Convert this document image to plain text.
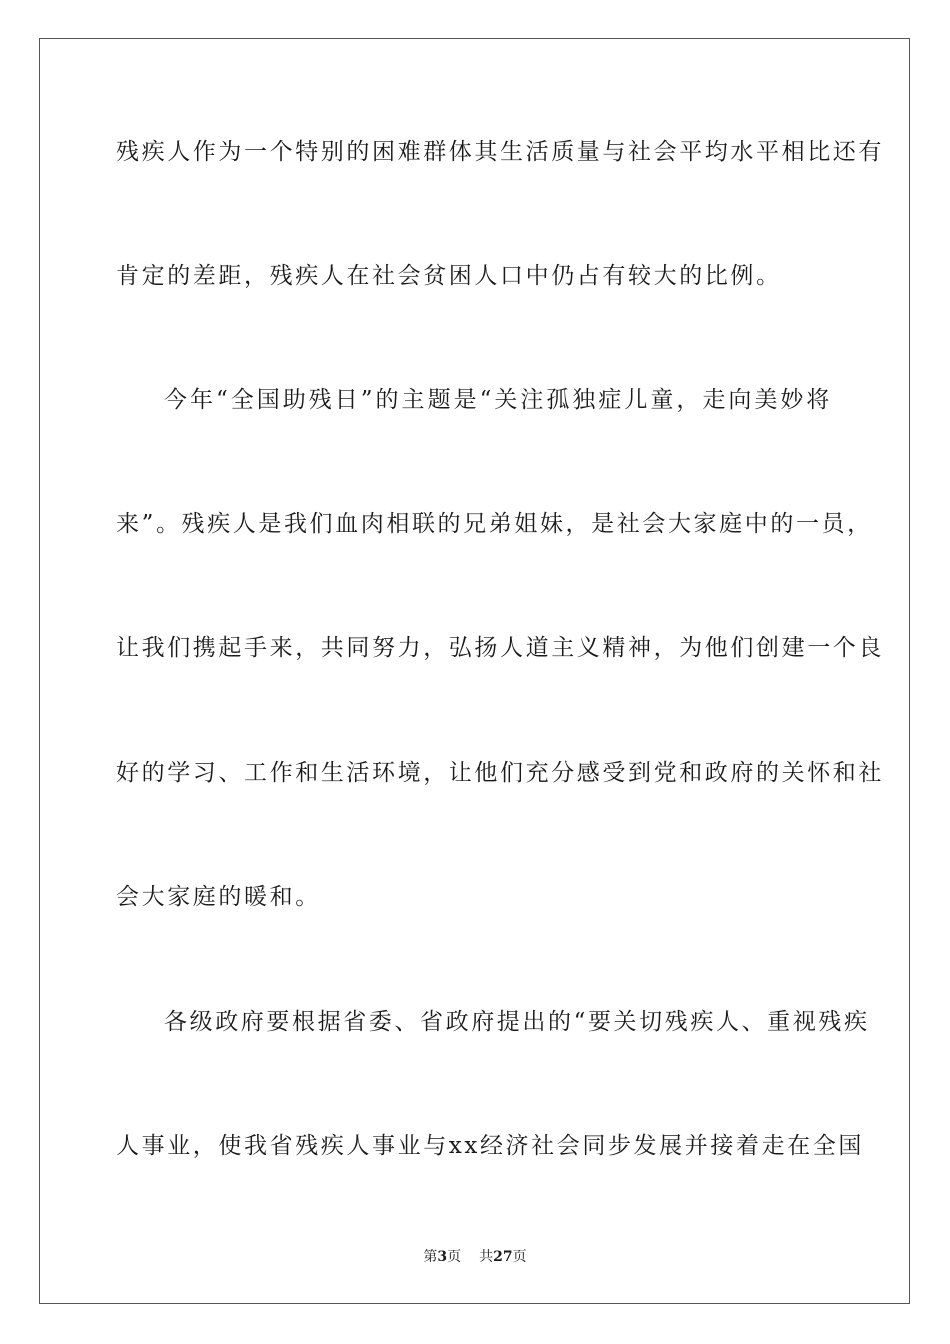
残疾人作为一个特别的困难群体其生活质量与社会平均水平相比还有
肯定的差距，残疾人在社会贫困人口中仍占有较大的比例。
今年“全国助残日”的主题是“关注孤独症儿童，走向美妙将
来”。残疾人是我们血肉相联的兄弟姐妹，是社会大家庭中的一员，
让我们携起手来，共同努力，弘扬人道主义精神，为他们创建一个良
好的学习、工作和生活环境，让他们充分感受到党和政府的关怀和社
会大家庭的暖和。
各级政府要根据省委、省政府提出的“要关切残疾人、重视残疾
人事业，使我省残疾人事业与xx经济社会同步发展并接着走在全国
第3页 共27页
